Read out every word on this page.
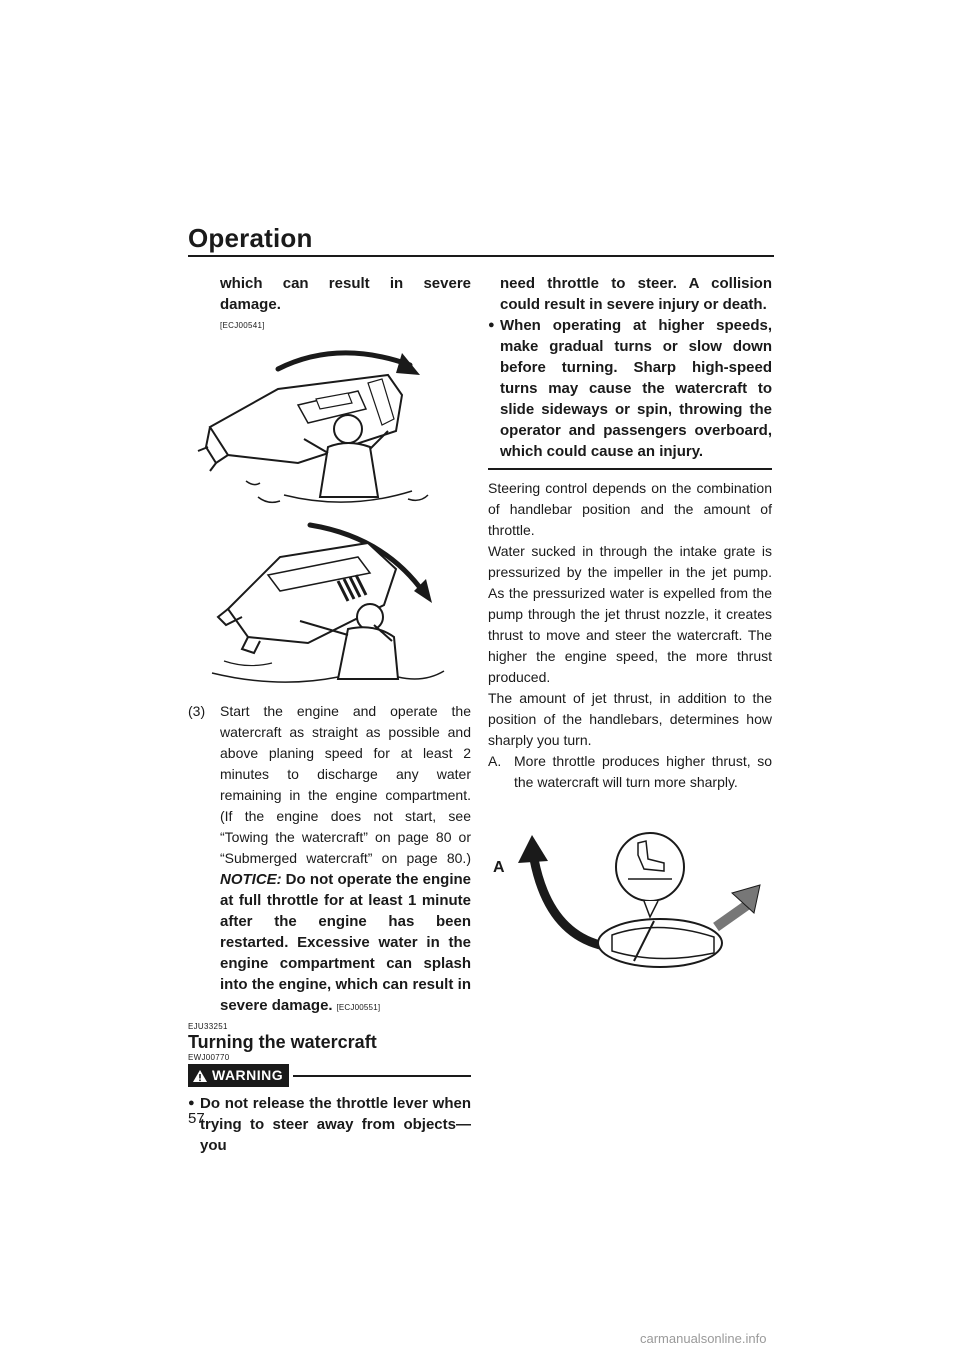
Operation
which can result in severe damage.
[ECJ00541]
(3)	Start the engine and operate the watercraft as straight as possible and above planing speed for at least 2 minutes to discharge any water remaining in the engine compartment. (If the engine does not start, see “Towing the watercraft” on page 80 or “Submerged watercraft” on page 80.) NOTICE: Do not operate the engine at full throttle for at least 1 minute after the engine has been restarted. Excessive water in the engine compartment can splash into the engine, which can result in severe damage. [ECJ00551]
EJU33251
Turning the watercraft
EWJ00770
WARNING
● Do not release the throttle lever when trying to steer away from objects—you
need throttle to steer. A collision could result in severe injury or death.
● When operating at higher speeds, make gradual turns or slow down before turning. Sharp high-speed turns may cause the watercraft to slide sideways or spin, throwing the operator and passengers overboard, which could cause an injury.

Steering control depends on the combination of handlebar position and the amount of throttle.

Water sucked in through the intake grate is pressurized by the impeller in the jet pump. As the pressurized water is expelled from the pump through the jet thrust nozzle, it creates thrust to move and steer the watercraft. The higher the engine speed, the more thrust produced.

The amount of jet thrust, in addition to the position of the handlebars, determines how sharply you turn.

A. More throttle produces higher thrust, so the watercraft will turn more sharply.
A
57
carmanualsonline.info
